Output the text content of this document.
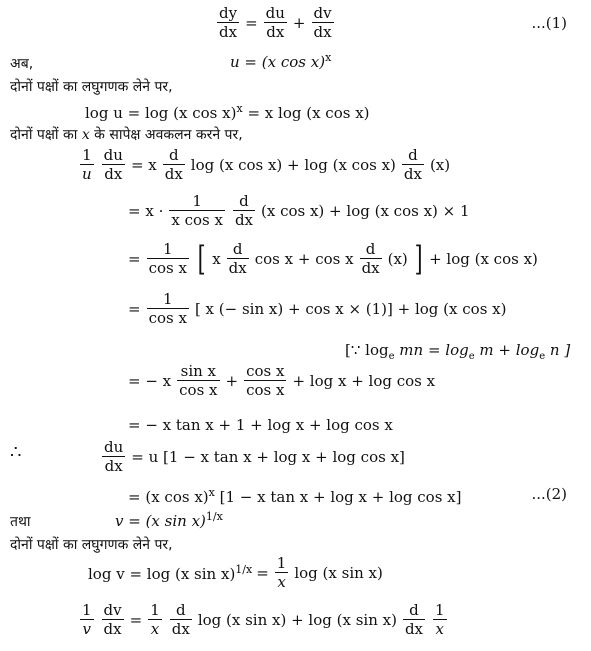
$\frac{dy}{dx} = \frac{du}{dx} + \frac{dv}{dx}$	...(1)
अब,	u = (x cos x)$^x$
दोनों पक्षों का लघुगणक लेने पर,
log u = log (x cos x)$^x$ = x log (x cos x)
दोनों पक्षों का x के सापेक्ष अवकलन करने पर,
$\frac{1}{u} \frac{du}{dx} = x \frac{d}{dx}$ log (x cos x) + log (x $\cos x) \frac{d}{dx} (x)$
= $x \cdot \frac{1}{\text{x cos x}} \frac{d}{dx} (x$ cos x) + log (x cos x) × 1
= $\frac{1}{\text{cos x}}$ [ x $\frac{d}{dx}$ cos x + cos x $\frac{d}{dx} (x)$ ] + log (x cos x)
= $\frac{1}{\text{cos x}}$ [ x (− sin x) + cos x × (1)] + log (x cos x)
[∵ $\log_e$ mn = $\log_e m + \log_e n$ ]
= − x $\frac{\text{sin x}}{\text{cos x}} + \frac{\text{cos x}}{\text{cos x}} + \log x + \log \cos x$
= − x tan x + 1 + log x + log cos x
∴	$\frac{du}{dx} = u$ [1 − x tan x + log x + log cos x]
= (x cos x)$^x$ [1 − x tan x + log x + log cos x]	...(2)
तथा	v = (x sin x)$^{1/x}$
दोनों पक्षों का लघुगणक लेने पर,
log v = log (x $\sin x)^{1/x} = \frac{1}{x}$ log (x sin x)
$\frac{1}{v} \frac{dv}{dx} = \frac{1}{x} \frac{d}{dx}$ log (x sin x) + log (x $\sin x) \frac{d}{dx} \frac{1}{x}$
